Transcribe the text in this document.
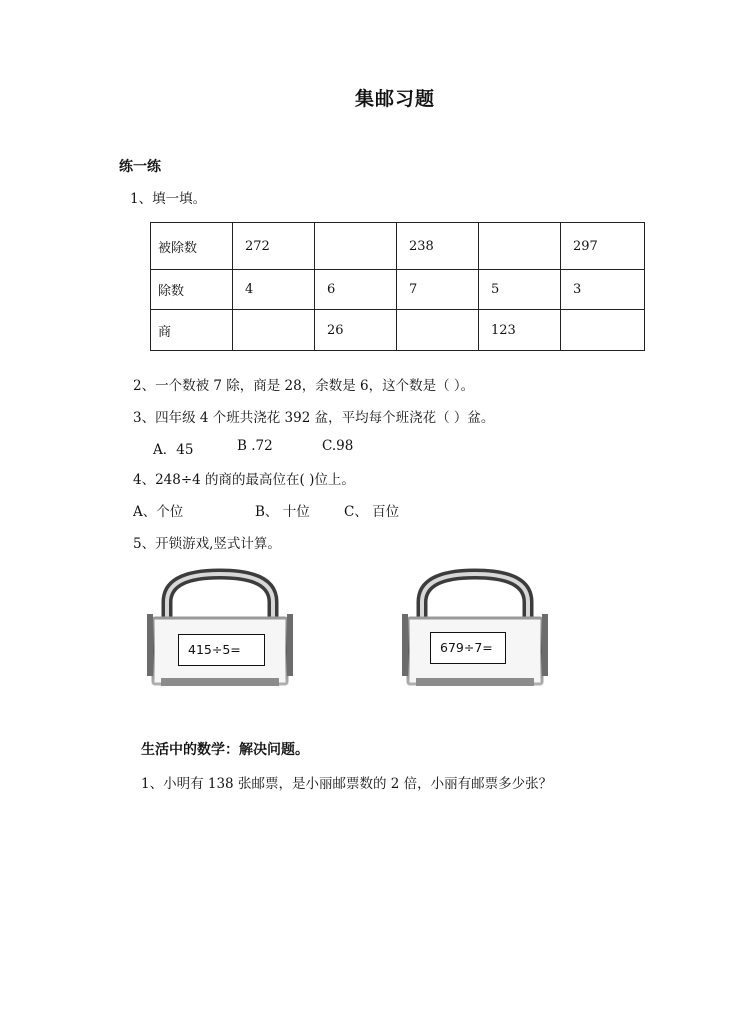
集邮习题
练一练
1、填一填。
被除数	272		238		297
除数	4	6	7	5	3
商		26		123	
2、一个数被 7 除，商是 28，余数是 6，这个数是（ ）。
3、四年级 4 个班共浇花 392 盆，平均每个班浇花（ ）盆。
A．45	B .72	C.98
4、248÷4 的商的最高位在( )位上。
A、个位	B、 十位	C、 百位
5、开锁游戏,竖式计算。
415÷5=	679÷7=
生活中的数学：解决问题。
1、小明有 138 张邮票，是小丽邮票数的 2 倍，小丽有邮票多少张？
